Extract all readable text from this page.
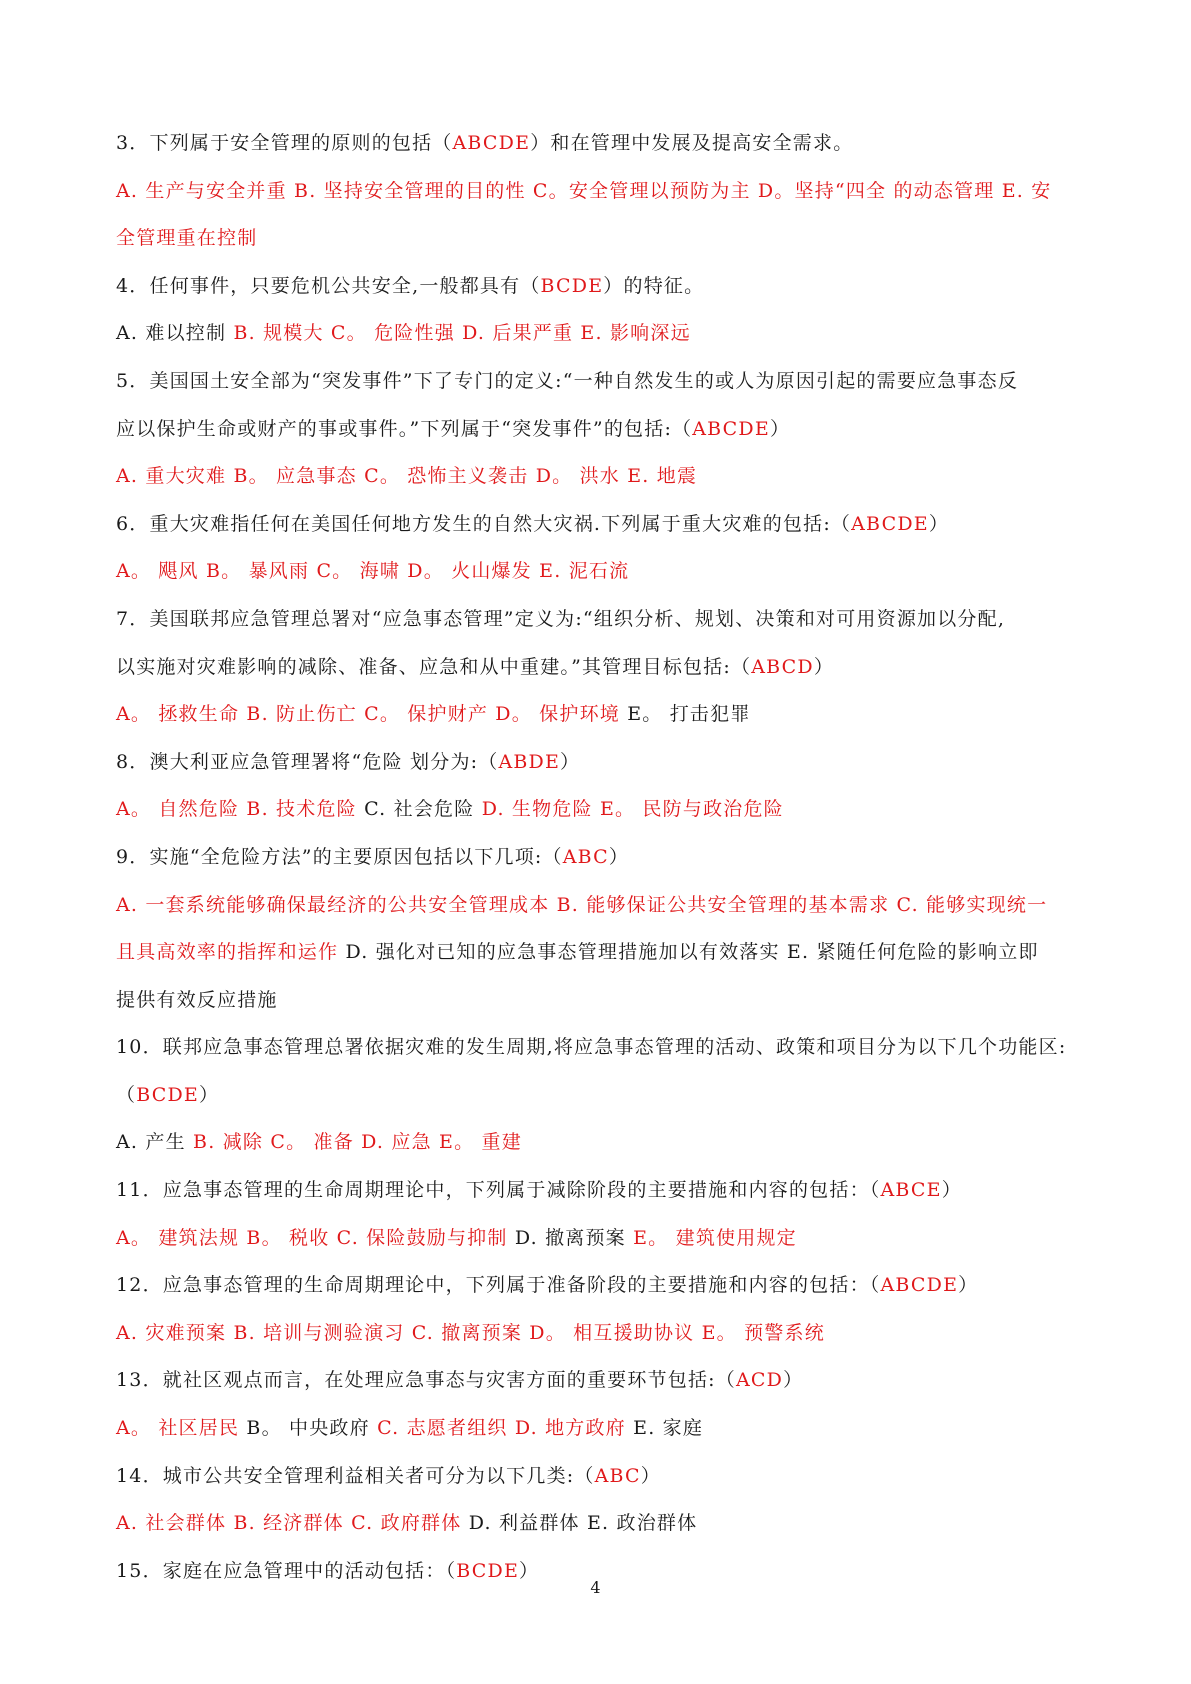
3．下列属于安全管理的原则的包括（ABCDE）和在管理中发展及提高安全需求。
A. 生产与安全并重 B. 坚持安全管理的目的性 C。安全管理以预防为主 D。坚持“四全 的动态管理 E. 安
全管理重在控制
4．任何事件，只要危机公共安全,一般都具有（BCDE）的特征。
A. 难以控制 B. 规模大 C。 危险性强 D. 后果严重 E. 影响深远
5．美国国土安全部为“突发事件”下了专门的定义:“一种自然发生的或人为原因引起的需要应急事态反
应以保护生命或财产的事或事件。”下列属于“突发事件”的包括:（ABCDE）
A. 重大灾难 B。 应急事态 C。 恐怖主义袭击 D。 洪水 E. 地震
6．重大灾难指任何在美国任何地方发生的自然大灾祸.下列属于重大灾难的包括:（ABCDE）
A。 飓风 B。 暴风雨 C。 海啸 D。 火山爆发 E. 泥石流
7．美国联邦应急管理总署对“应急事态管理”定义为:“组织分析、规划、决策和对可用资源加以分配,
以实施对灾难影响的减除、准备、应急和从中重建。”其管理目标包括:（ABCD）
A。 拯救生命 B. 防止伤亡 C。 保护财产 D。 保护环境 E。 打击犯罪
8．澳大利亚应急管理署将“危险 划分为:（ABDE）
A。 自然危险 B. 技术危险 C. 社会危险 D. 生物危险 E。 民防与政治危险
9．实施“全危险方法”的主要原因包括以下几项:（ABC）
A. 一套系统能够确保最经济的公共安全管理成本 B. 能够保证公共安全管理的基本需求 C. 能够实现统一
且具高效率的指挥和运作 D. 强化对已知的应急事态管理措施加以有效落实 E. 紧随任何危险的影响立即
提供有效反应措施
10．联邦应急事态管理总署依据灾难的发生周期,将应急事态管理的活动、政策和项目分为以下几个功能区:
（BCDE）
A. 产生 B. 减除 C。 准备 D. 应急 E。 重建
11．应急事态管理的生命周期理论中，下列属于减除阶段的主要措施和内容的包括：（ABCE）
A。 建筑法规 B。 税收 C. 保险鼓励与抑制 D. 撤离预案 E。 建筑使用规定
12．应急事态管理的生命周期理论中，下列属于准备阶段的主要措施和内容的包括：（ABCDE）
A. 灾难预案 B. 培训与测验演习 C. 撤离预案 D。 相互援助协议 E。 预警系统
13．就社区观点而言，在处理应急事态与灾害方面的重要环节包括:（ACD）
A。 社区居民 B。 中央政府 C. 志愿者组织 D. 地方政府 E. 家庭
14．城市公共安全管理利益相关者可分为以下几类:（ABC）
A. 社会群体 B. 经济群体 C. 政府群体 D. 利益群体 E. 政治群体
15．家庭在应急管理中的活动包括：（BCDE）
4
